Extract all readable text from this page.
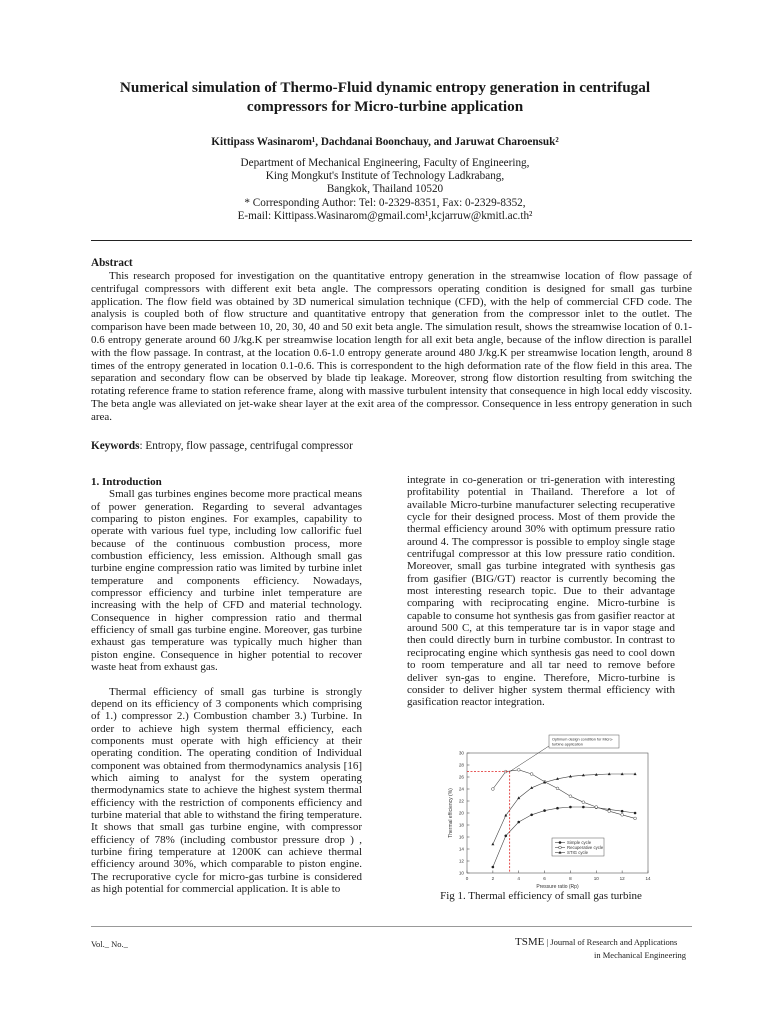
Numerical simulation of Thermo-Fluid dynamic entropy generation in centrifugal compressors for Micro-turbine application
Kittipass Wasinarom¹, Dachdanai Boonchauy, and Jaruwat Charoensuk²
Department of Mechanical Engineering, Faculty of Engineering,
King Mongkut's Institute of Technology Ladkrabang,
Bangkok, Thailand 10520
* Corresponding Author: Tel: 0-2329-8351, Fax: 0-2329-8352,
E-mail: Kittipass.Wasinarom@gmail.com¹,kcjarruw@kmitl.ac.th²
Abstract
This research proposed for investigation on the quantitative entropy generation in the streamwise location of flow passage of centrifugal compressors with different exit beta angle. The compressors operating condition is designed for small gas turbine application. The flow field was obtained by 3D numerical simulation technique (CFD), with the help of commercial CFD code. The analysis is coupled both of flow structure and quantitative entropy that generation from the compressor inlet to the outlet. The comparison have been made between 10, 20, 30, 40 and 50 exit beta angle. The simulation result, shows the streamwise location of 0.1-0.6 entropy generate around 60 J/kg.K per streamwise location length for all exit beta angle, because of the inflow direction is parallel with the flow passage. In contrast, at the location 0.6-1.0 entropy generate around 480 J/kg.K per streamwise location length, around 8 times of the entropy generated in location 0.1-0.6. This is correspondent to the high deformation rate of the flow field in this area. The separation and secondary flow can be observed by blade tip leakage. Moreover, strong flow distortion resulting from switching the rotating reference frame to station reference frame, along with massive turbulent intensity that consequence in high local eddy viscosity. The beta angle was alleviated on jet-wake shear layer at the exit area of the compressor. Consequence in less entropy generation in such area.
Keywords: Entropy, flow passage, centrifugal compressor

1. Introduction

Small gas turbines engines become more practical means of power generation. Regarding to several advantages comparing to piston engines. For examples, capability to operate with various fuel type, including low callorific fuel because of the continuous combustion process, more combustion efficiency, less emission. Although small gas turbine engine compression ratio was limited by turbine inlet temperature and components efficiency. Nowadays, compressor efficiency and turbine inlet temperature are increasing with the help of CFD and material technology. Consequence in higher compression ratio and thermal efficiency of small gas turbine engine. Moreover, gas turbine exhaust gas temperature was typically much higher than piston engine. Consequence in higher potential to recover waste heat from exhaust gas.

Thermal efficiency of small gas turbine is strongly depend on its efficiency of 3 components which comprising of 1.) compressor 2.) Combustion chamber 3.) Turbine. In order to achieve high system thermal efficiency, each components must operate with high efficiency at their operating condition. The operating condition of Individual component was obtained from thermodynamics analysis [16] which aiming to analyst for the system operating thermodynamics state to achieve the highest system thermal efficiency with the restriction of components efficiency and turbine material that able to withstand the firing temperature. It shows that small gas turbine engine, with compressor efficiency of 78% (including combustor pressure drop ) , turbine firing temperature at 1200K can achieve thermal efficiency around 30%, which comparable to piston engine. The recruporative cycle for micro-gas turbine is considered as high potential for commercial application. It is able to

integrate in co-generation or tri-generation with interesting profitability potential in Thailand. Therefore a lot of available Micro-turbine manufacturer selecting recuperative cycle for their designed process. Most of them provide the thermal efficiency around 30% with optimum pressure ratio around 4. The compressor is possible to employ single stage centrifugal compressor at this low pressure ratio condition. Moreover, small gas turbine integrated with synthesis gas from gasifier (BIG/GT) reactor is currently becoming the most interesting research topic. Due to their advantage comparing with reciprocating engine. Micro-turbine is capable to consume hot synthesis gas from gasifier reactor at around 500 C, at this temperature tar is in vapor stage and then could directly burn in turbine combustor. In contrast to reciprocating engine which synthesis gas need to cool down to room temperature and all tar need to remove before deliver syn-gas to engine. Therefore, Micro-turbine is consider to deliver higher system thermal efficiency with gasification reactor integration.

0	2	4	6	8	10	12	14
10
12
14
16
18
20
22
24
26
28
30
Pressure ratio (Rp)
Thermal efficiency (%)
Simple cycle
Recuperative cycle
STIG cycle
Optimum design condition for Micro-
turbine application
Fig 1. Thermal efficiency of small gas turbine
Vol._ No._	TSME | Journal of Research and Applications
in Mechanical Engineering
